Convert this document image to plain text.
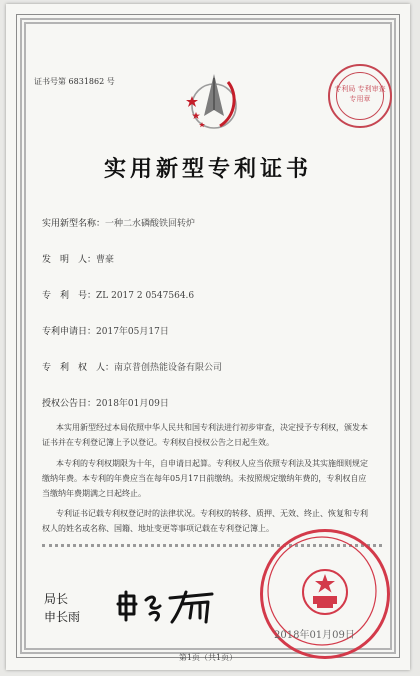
证书号第 6831862 号
专利局 专利审查 专用章
实用新型专利证书
实用新型名称：一种二水磷酸铁回转炉
发　明　人：曹豪
专　利　号：ZL 2017 2 0547564.6
专利申请日：2017年05月17日
专　利　权　人：南京普创热能设备有限公司
授权公告日：2018年01月09日
本实用新型经过本局依照中华人民共和国专利法进行初步审查，决定授予专利权，颁发本证书并在专利登记簿上予以登记。专利权自授权公告之日起生效。
本专利的专利权期限为十年，自申请日起算。专利权人应当依照专利法及其实施细则规定缴纳年费。本专利的年费应当在每年05月17日前缴纳。未按照规定缴纳年费的，专利权自应当缴纳年费期满之日起终止。
专利证书记载专利权登记时的法律状况。专利权的转移、质押、无效、终止、恢复和专利权人的姓名或名称、国籍、地址变更等事项记载在专利登记簿上。
局长
申长雨
2018年01月09日
第1页（共1页）
